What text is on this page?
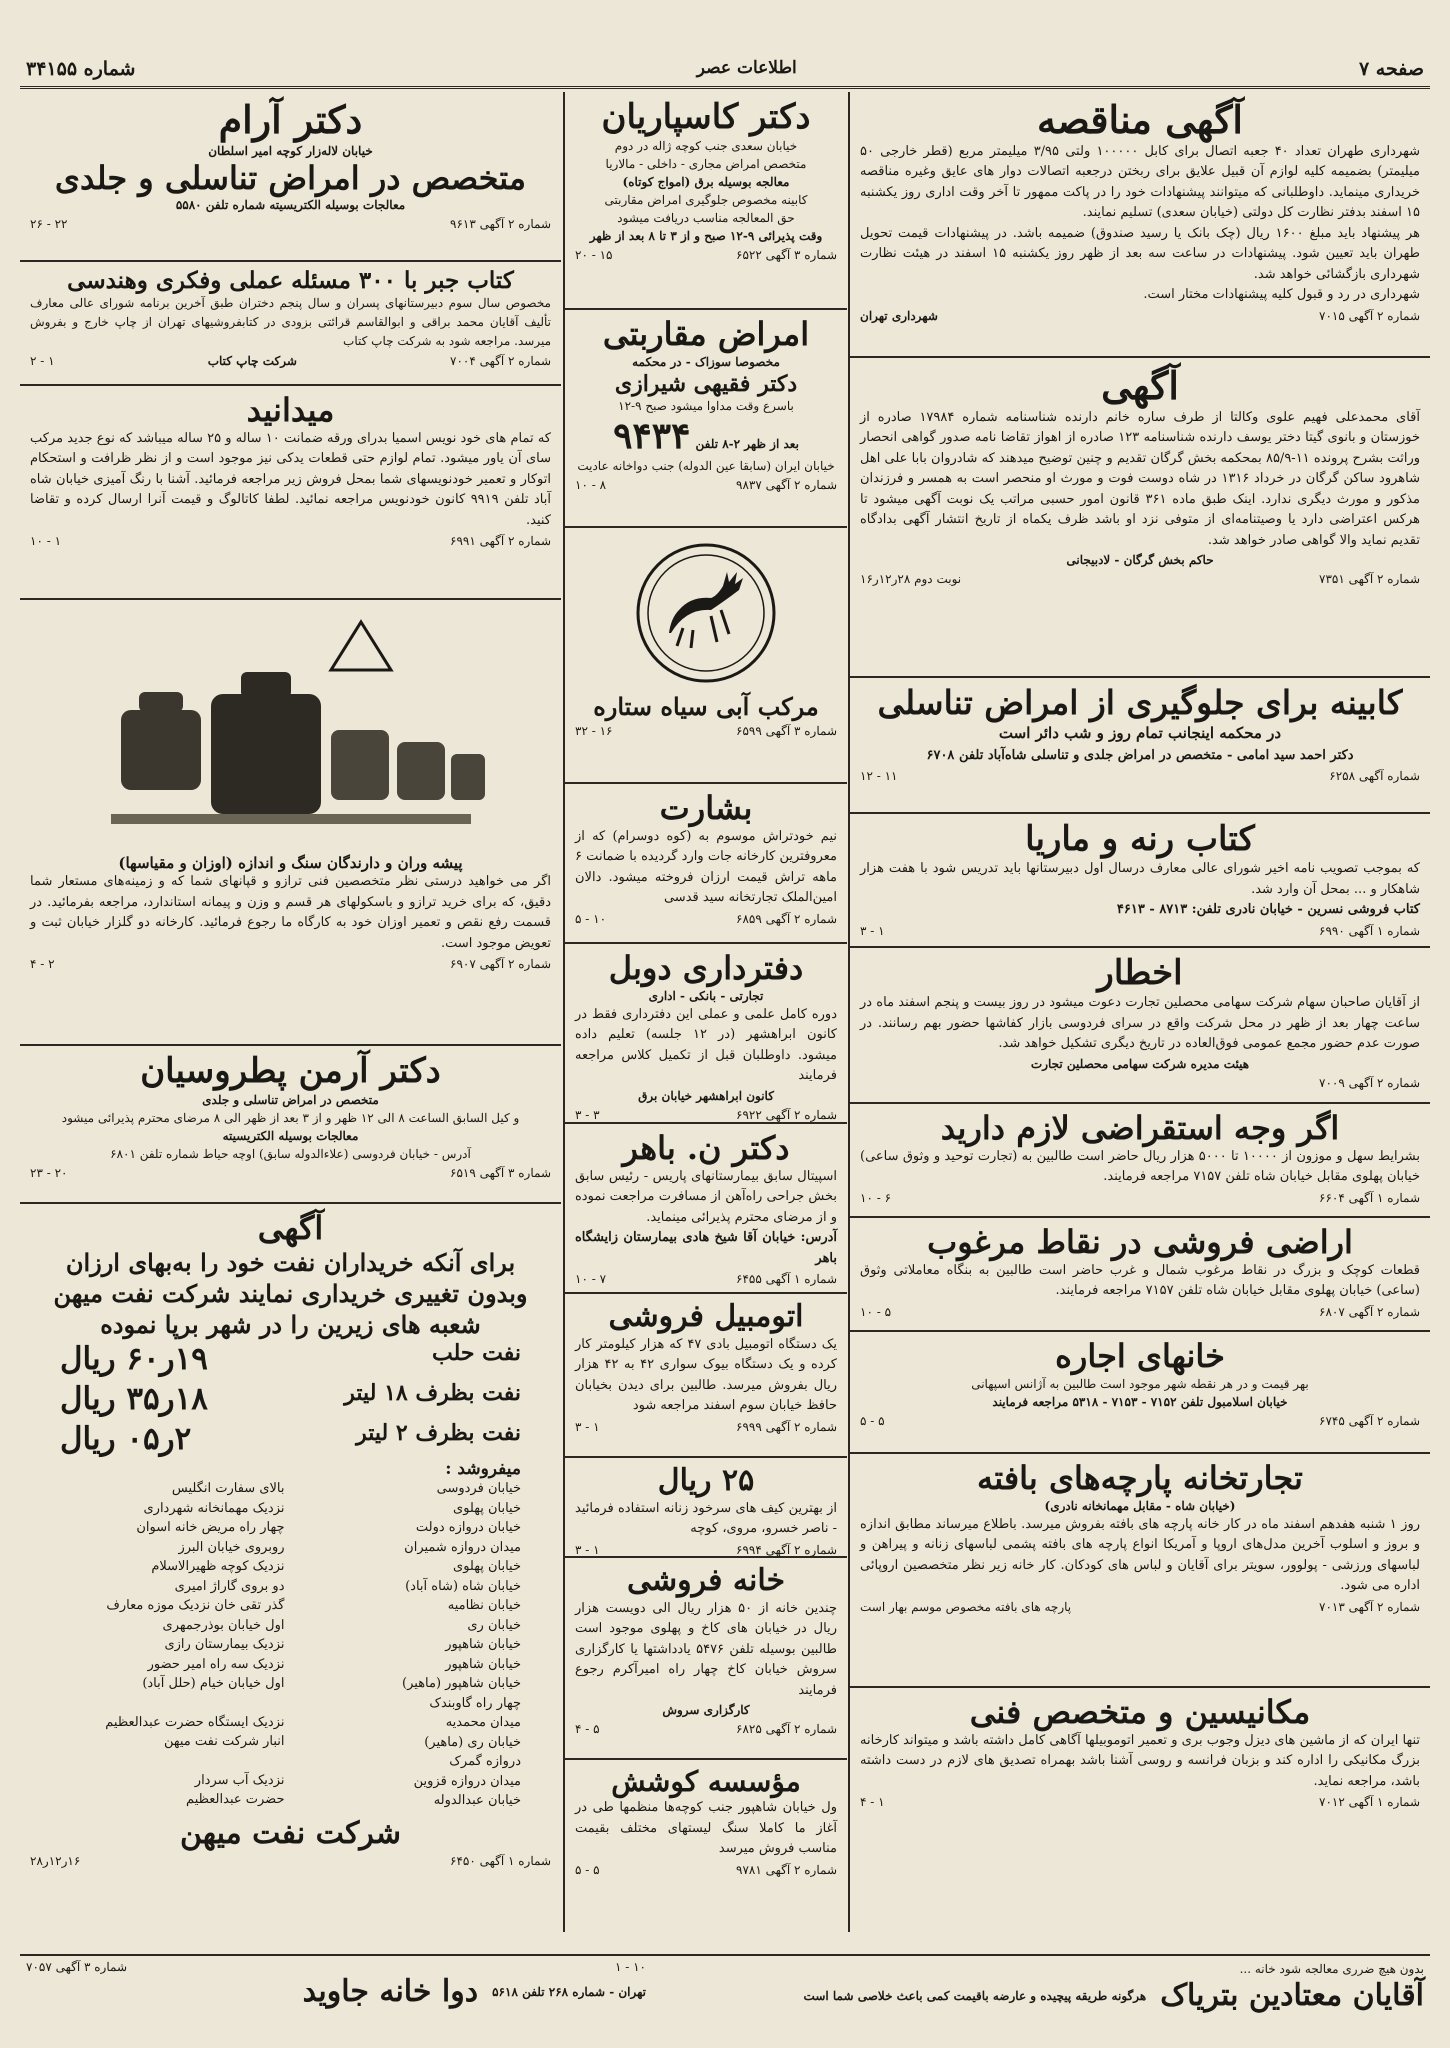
صفحه ۷
اطلاعات عصر
شماره ۳۴۱۵۵
آگهی مناقصه
شهرداری طهران تعداد ۴۰ جعبه اتصال برای کابل ۱۰۰۰۰۰ ولتی ۳/۹۵ میلیمتر مربع (قطر خارجی ۵۰ میلیمتر) بضمیمه کلیه لوازم آن قبیل علایق برای ربختن درجعبه اتصالات دوار های عایق وغیره مناقصه خریداری مینماید. داوطلبانی که میتوانند پیشنهادات خود را در پاکت ممهور تا آخر وقت اداری روز یکشنبه ۱۵ اسفند بدفتر نظارت کل دولتی (خیابان سعدی) تسلیم نمایند.
هر پیشنهاد باید مبلغ ۱۶۰۰ ریال (چک بانک یا رسید صندوق) ضمیمه باشد. در پیشنهادات قیمت تحویل طهران باید تعیین شود. پیشنهادات در ساعت سه بعد از ظهر روز یکشنبه ۱۵ اسفند در هیئت نظارت شهرداری بازگشائی خواهد شد.
شهرداری در رد و قبول کلیه پیشنهادات مختار است.
شماره ۲ آگهی ۷۰۱۵
شهرداری تهران
آگهی
آقای محمدعلی فهیم علوی وکالتا از طرف ساره خانم دارنده شناسنامه شماره ۱۷۹۸۴ صادره از خوزستان و بانوی گیتا دختر یوسف دارنده شناسنامه ۱۲۳ صادره از اهواز تقاضا نامه صدور گواهی انحصار وراثت بشرح پرونده ۱۱-۸۵/۹ بمحکمه بخش گرگان تقدیم و چنین توضیح میدهند که شادروان بابا علی اهل شاهرود ساکن گرگان در خرداد ۱۳۱۶ در شاه دوست فوت و مورث او منحصر است به همسر و فرزندان مذکور و مورث دیگری ندارد. اینک طبق ماده ۳۶۱ قانون امور حسبی مراتب یک نوبت آگهی میشود تا هرکس اعتراضی دارد یا وصیتنامه‌ای از متوفی نزد او باشد ظرف یکماه از تاریخ انتشار آگهی بدادگاه تقدیم نماید والا گواهی صادر خواهد شد.
حاکم بخش گرگان - لادبیجانی
شماره ۲ آگهی ۷۳۵۱
نوبت دوم ۲۸ر۱۲ر۱۶
کابینه برای جلوگیری از امراض تناسلی
در محکمه اینجانب تمام روز و شب دائر است
دکتر احمد سید امامی - متخصص در امراض جلدی و تناسلی شاه‌آباد تلفن ۶۷۰۸
شماره آگهی ۶۲۵۸
۱۱ - ۱۲
کتاب رنه و ماریا
که بموجب تصویب نامه اخیر شورای عالی معارف درسال اول دبیرستانها باید تدریس شود با هفت هزار شاهکار و ... بمحل آن وارد شد.
کتاب فروشی نسرین - خیابان نادری تلفن: ۸۷۱۳ - ۴۶۱۳
شماره ۱ آگهی ۶۹۹۰
۱ - ۳
اخطار
از آقایان صاحبان سهام شرکت سهامی محصلین تجارت دعوت میشود در روز بیست و پنجم اسفند ماه در ساعت چهار بعد از ظهر در محل شرکت واقع در سرای فردوسی بازار کفاشها حضور بهم رسانند. در صورت عدم حضور مجمع عمومی فوق‌العاده در تاریخ دیگری تشکیل خواهد شد.
هیئت مدیره شرکت سهامی محصلین تجارت
شماره ۲ آگهی ۷۰۰۹
اگر وجه استقراضی لازم دارید
بشرایط سهل و موزون از ۱۰۰۰۰ تا ۵۰۰۰ هزار ریال حاضر است طالبین به (تجارت توحید و وثوق ساعی) خیابان پهلوی مقابل خیابان شاه تلفن ۷۱۵۷ مراجعه فرمایند.
شماره ۱ آگهی ۶۶۰۴
۶ - ۱۰
اراضی فروشی در نقاط مرغوب
قطعات کوچک و بزرگ در نقاط مرغوب شمال و غرب حاضر است طالبین به بنگاه معاملاتی وثوق (ساعی) خیابان پهلوی مقابل خیابان شاه تلفن ۷۱۵۷ مراجعه فرمایند.
شماره ۲ آگهی ۶۸۰۷
۵ - ۱۰
خانهای اجاره
بهر قیمت و در هر نقطه شهر موجود است طالبین به آژانس اسپهانی
خیابان اسلامبول تلفن ۷۱۵۲ - ۷۱۵۳ - ۵۳۱۸ مراجعه فرمایند
شماره ۲ آگهی ۶۷۴۵
۵ - ۵
تجارتخانه پارچه‌های بافته
(خیابان شاه - مقابل مهمانخانه نادری)
روز ۱ شنبه هفدهم اسفند ماه در کار خانه پارچه های بافته بفروش میرسد. باطلاع میرساند مطابق اندازه و بروز و اسلوب آخرین مدل‌های اروپا و آمریکا انواع پارچه های بافته پشمی لباسهای زنانه و پیراهن و لباسهای ورزشی - پولوور، سویتر برای آقایان و لباس های کودکان. کار خانه زیر نظر متخصصین اروپائی اداره می شود.
شماره ۲ آگهی ۷۰۱۳
پارچه های بافته مخصوص موسم بهار است
مکانیسین و متخصص فنی
تنها ایران که از ماشین های دیزل وجوب بری و تعمیر اتوموبیلها آگاهی کامل داشته باشد و میتواند کارخانه بزرگ مکانیکی را اداره کند و بزبان فرانسه و روسی آشنا باشد بهمراه تصدیق های لازم در دست داشته باشد، مراجعه نماید.
شماره ۱ آگهی ۷۰۱۲
۱ - ۴
دکتر کاسپاریان
خیابان سعدی جنب کوچه ژاله در دوم
متخصص امراض مجاری - داخلی - مالاریا
معالجه بوسیله برق (امواج کوتاه)
کابینه مخصوص جلوگیری امراض مقاربتی
حق المعالجه مناسب دریافت میشود
وقت پذیرائی ۹-۱۲ صبح و از ۳ تا ۸ بعد از ظهر
شماره ۳ آگهی ۶۵۲۲
۱۵ - ۲۰
امراض مقاربتی
مخصوصا سوزاک - در محکمه
دکتر فقیهی شیرازی
باسرع وقت مداوا میشود صبح ۹-۱۲
بعد از ظهر ۲-۸ تلفن ۹۴۳۴
خیابان ایران (سابقا عین الدوله) جنب دواخانه عادیت
شماره ۲ آگهی ۹۸۳۷
۸ - ۱۰
مرکب آبی سیاه ستاره
شماره ۳ آگهی ۶۵۹۹
۱۶ - ۳۲
بشارت
نیم خودتراش موسوم به (کوه دوسرام) که از معروفترین کارخانه جات وارد گردیده با ضمانت ۶ ماهه تراش قیمت ارزان فروخته میشود. دالان امین‌الملک تجارتخانه سید قدسی
شماره ۲ آگهی ۶۸۵۹
۱۰ - ۵
دفترداری دوبل
تجارتی - بانکی - اداری
دوره کامل علمی و عملی این دفترداری فقط در کانون ابراهشهر (در ۱۲ جلسه) تعلیم داده میشود. داوطلبان قبل از تکمیل کلاس مراجعه فرمایند
کانون ابراهشهر خیابان برق
شماره ۲ آگهی ۶۹۲۲
۳ - ۳
دکتر ن. باهر
اسپیتال سابق بیمارستانهای پاریس - رئیس سابق بخش جراحی راه‌آهن از مسافرت مراجعت نموده و از مرضای محترم پذیرائی مینماید.
آدرس: خیابان آقا شیخ هادی بیمارستان زایشگاه باهر
شماره ۱ آگهی ۶۴۵۵
۷ - ۱۰
اتومبیل فروشی
یک دستگاه اتومبیل بادی ۴۷ که هزار کیلومتر کار کرده و یک دستگاه بیوک سواری ۴۲ به ۴۲ هزار ریال بفروش میرسد. طالبین برای دیدن بخیابان حافظ خیابان سوم اسفند مراجعه شود
شماره ۲ آگهی ۶۹۹۹
۱ - ۳
۲۵ ریال
از بهترین کیف های سرخود زنانه استفاده فرمائید - ناصر خسرو، مروی، کوچه
شماره ۲ آگهی ۶۹۹۴
۱ - ۳
خانه فروشی
چندین خانه از ۵۰ هزار ریال الی دویست هزار ریال در خیابان های کاخ و پهلوی موجود است طالبین بوسیله تلفن ۵۴۷۶ یادداشتها یا کارگزاری سروش خیابان کاخ چهار راه امیرآکرم رجوع فرمایند
کارگزاری سروش
شماره ۲ آگهی ۶۸۲۵
۵ - ۴
مؤسسه کوشش
ول خیابان شاهپور جنب کوچه‌ها منظمها طی در آغاز ما کاملا سنگ لیستهای مختلف بقیمت مناسب فروش میرسد
شماره ۲ آگهی ۹۷۸۱
۵ - ۵
دکتر آرام
خیابان لاله‌زار کوچه امیر اسلطان
متخصص در امراض تناسلی و جلدی
معالجات بوسیله الکتریسیته شماره تلفن ۵۵۸۰
شماره ۲ آگهی ۹۶۱۳
۲۲ - ۲۶
کتاب جبر با ۳۰۰ مسئله عملی وفکری وهندسی
مخصوص سال سوم دبیرستانهای پسران و سال پنجم دختران طبق آخرین برنامه شورای عالی معارف تألیف آقایان محمد براقی و ابوالقاسم قرائتی بزودی در کتابفروشیهای تهران از چاپ خارج و بفروش میرسد. مراجعه شود به شرکت چاپ کتاب
شماره ۲ آگهی ۷۰۰۴
شرکت چاپ کتاب
۱ - ۲
میدانید
که تمام های خود نویس اسمیا بدرای ورقه ضمانت ۱۰ ساله و ۲۵ ساله میباشد که نوع جدید مرکب سای آن یاور میشود. تمام لوازم حتی قطعات یدکی نیز موجود است و از نظر ظرافت و استحکام اتوکار و تعمیر خودنویسهای شما بمحل فروش زیر مراجعه فرمائید. آشنا با رنگ آمیزی خیابان شاه آباد تلفن ۹۹۱۹ کانون خودنویس مراجعه نمائید. لطفا کاتالوگ و قیمت آنرا ارسال کرده و تقاضا کنید.
شماره ۲ آگهی ۶۹۹۱
۱ - ۱۰
پیشه وران و دارندگان سنگ و اندازه (اوزان و مقیاسها)
اگر می خواهید درستی نظر متخصصین فنی ترازو و قپانهای شما که و زمینه‌های مستعار شما دقیق، که برای خرید ترازو و باسکولهای هر قسم و وزن و پیمانه استاندارد، مراجعه بفرمائید. در قسمت رفع نقص و تعمیر اوزان خود به کارگاه ما رجوع فرمائید. کارخانه دو گلزار خیابان ثبت و تعویض موجود است.
شماره ۲ آگهی ۶۹۰۷
۲ - ۴
دکتر آرمن پطروسیان
متخصص در امراض تناسلی و جلدی
و کیل السابق الساعت ۸ الی ۱۲ ظهر و از ۳ بعد از ظهر الی ۸ مرضای محترم پذیرائی میشود
معالجات بوسیله الکتریسیته
آدرس - خیابان فردوسی (علاءالدوله سابق) اوچه حیاط شماره تلفن ۶۸۰۱
شماره ۳ آگهی ۶۵۱۹
۲۰ - ۲۳
آگهی
برای آنکه خریداران نفت خود را به‌بهای ارزان
وبدون تغییری خریداری نمایند شرکت نفت میهن
شعبه های زیرین را در شهر برپا نموده
نفت حلب
۱۹ر۶۰ ریال
نفت بظرف ۱۸ لیتر
۱۸ر۳۵ ریال
نفت بظرف ۲ لیتر
۲ر۰۵ ریال
میفروشد :
خیابان فردوسی
خیابان پهلوی
خیابان دروازه دولت
میدان دروازه شمیران
خیابان پهلوی
خیابان شاه (شاه آباد)
خیابان نظامیه
خیابان ری
خیابان شاهپور
خیابان شاهپور
خیابان شاهپور (ماهیر)
چهار راه گاوبندک
میدان محمدیه
خیابان ری (ماهیر)
دروازه گمرک
میدان دروازه قزوین
خیابان عبدالدوله
بالای سفارت انگلیس
نزدیک مهمانخانه شهرداری
چهار راه مریض خانه اسوان
روبروی خیابان البرز
نزدیک کوچه ظهیرالاسلام
دو بروی گاراژ امیری
گذر تقی خان نزدیک موزه معارف
اول خیابان بوذرجمهری
نزدیک بیمارستان رازی
نزدیک سه راه امیر حضور
اول خیابان خیام (حلل آباد)
نزدیک ایستگاه حضرت عبدالعظیم
انبار شرکت نفت میهن
نزدیک آب سردار
حضرت عبدالعظیم
شرکت نفت میهن
شماره ۱ آگهی ۶۴۵۰
۱۶ر۱۲ر۲۸
بدون هیچ ضرری معالجه شود خانه ...
آقایان معتادین بتریاک
هرگونه طریقه پیچیده و عارضه باقیمت کمی باعث خلاصی شما است
۱۰ - ۱
شماره ۳ آگهی ۷۰۵۷
تهران - شماره ۲۶۸ تلفن ۵۶۱۸
دوا خانه جاوید
